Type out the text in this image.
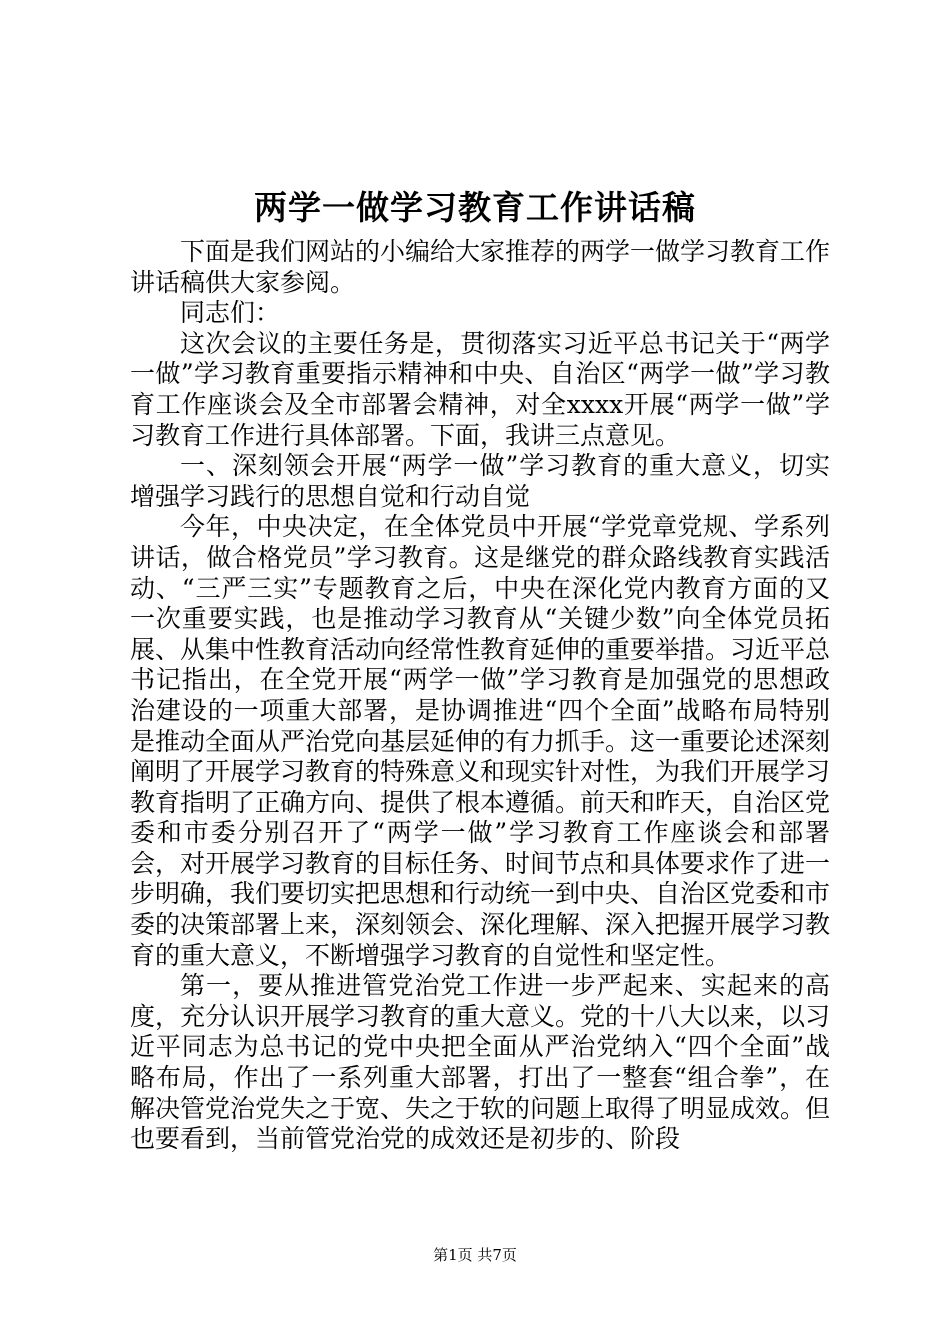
两学一做学习教育工作讲话稿

下面是我们网站的小编给大家推荐的两学一做学习教育工作讲话稿供大家参阅。

同志们：

这次会议的主要任务是，贯彻落实习近平总书记关于“两学一做”学习教育重要指示精神和中央、自治区“两学一做”学习教育工作座谈会及全市部署会精神，对全xxxx开展“两学一做”学习教育工作进行具体部署。下面，我讲三点意见。

一、深刻领会开展“两学一做”学习教育的重大意义，切实增强学习践行的思想自觉和行动自觉

今年，中央决定，在全体党员中开展“学党章党规、学系列讲话，做合格党员”学习教育。这是继党的群众路线教育实践活动、“三严三实”专题教育之后，中央在深化党内教育方面的又一次重要实践，也是推动学习教育从“关键少数”向全体党员拓展、从集中性教育活动向经常性教育延伸的重要举措。习近平总书记指出，在全党开展“两学一做”学习教育是加强党的思想政治建设的一项重大部署，是协调推进“四个全面”战略布局特别是推动全面从严治党向基层延伸的有力抓手。这一重要论述深刻阐明了开展学习教育的特殊意义和现实针对性，为我们开展学习教育指明了正确方向、提供了根本遵循。前天和昨天，自治区党委和市委分别召开了“两学一做”学习教育工作座谈会和部署会，对开展学习教育的目标任务、时间节点和具体要求作了进一步明确，我们要切实把思想和行动统一到中央、自治区党委和市委的决策部署上来，深刻领会、深化理解、深入把握开展学习教育的重大意义，不断增强学习教育的自觉性和坚定性。

第一，要从推进管党治党工作进一步严起来、实起来的高度，充分认识开展学习教育的重大意义。党的十八大以来，以习近平同志为总书记的党中央把全面从严治党纳入“四个全面”战略布局，作出了一系列重大部署，打出了一整套“组合拳”，在解决管党治党失之于宽、失之于软的问题上取得了明显成效。但也要看到，当前管党治党的成效还是初步的、阶段

第1页 共7页
